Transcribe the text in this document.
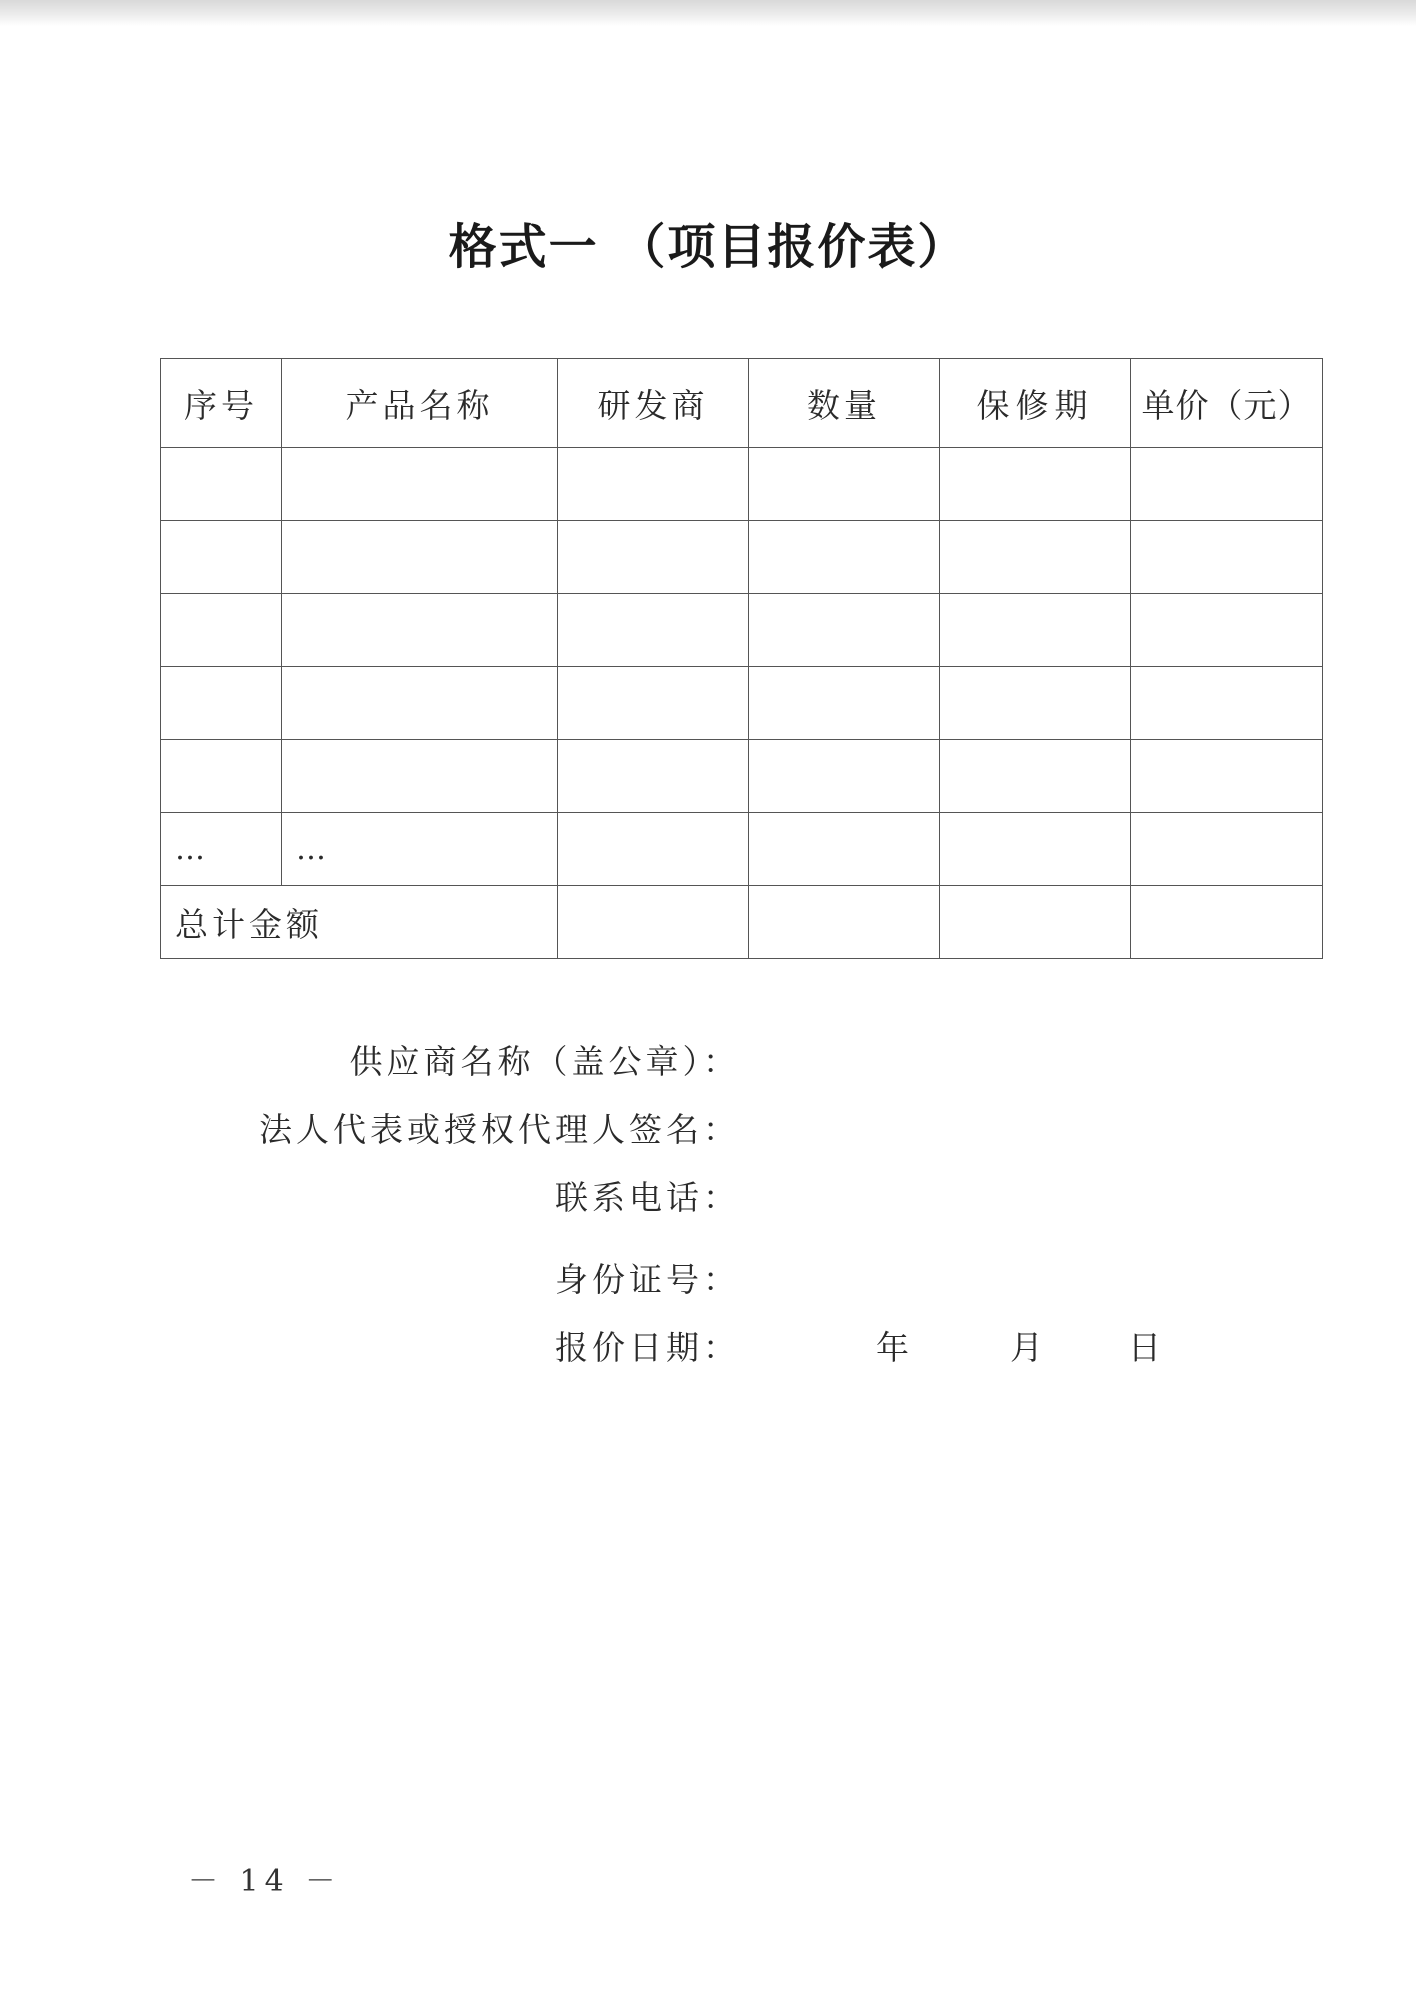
格式一 （项目报价表）
序号	产品名称	研发商	数量	保修期	单价（元）

…	…				
总计金额					
供应商名称（盖公章）：
法人代表或授权代理人签名：
联系电话：
身份证号：
报价日期：	年	月	日
－ 14 －
